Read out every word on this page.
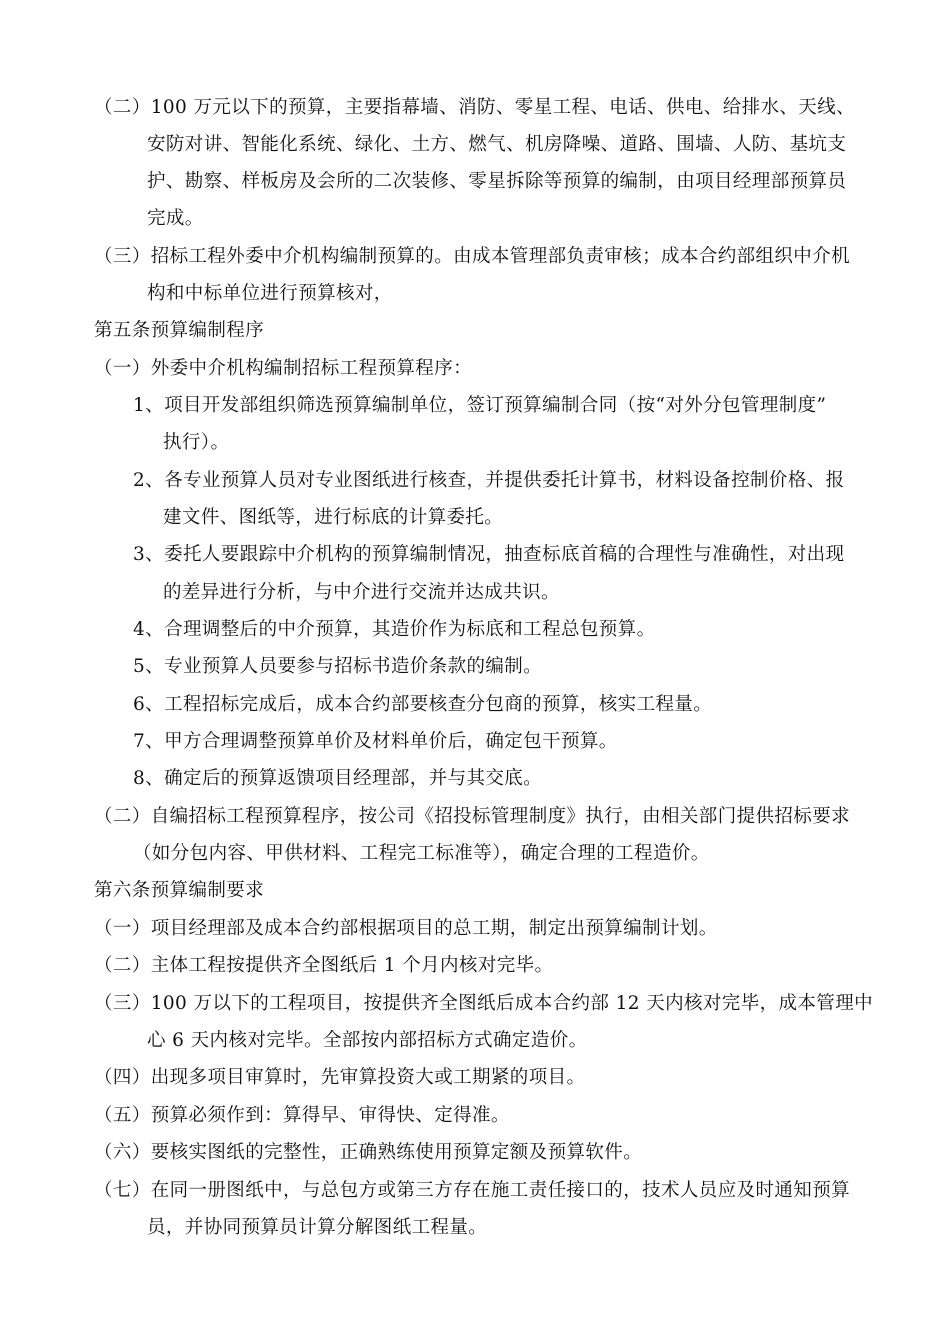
（二）100 万元以下的预算，主要指幕墙、消防、零星工程、电话、供电、给排水、天线、
安防对讲、智能化系统、绿化、土方、燃气、机房降噪、道路、围墙、人防、基坑支
护、勘察、样板房及会所的二次装修、零星拆除等预算的编制，由项目经理部预算员
完成。
（三）招标工程外委中介机构编制预算的。由成本管理部负责审核；成本合约部组织中介机
构和中标单位进行预算核对，
第五条预算编制程序
（一）外委中介机构编制招标工程预算程序：
1、项目开发部组织筛选预算编制单位，签订预算编制合同（按“对外分包管理制度”
执行）。
2、各专业预算人员对专业图纸进行核查，并提供委托计算书，材料设备控制价格、报
建文件、图纸等，进行标底的计算委托。
3、委托人要跟踪中介机构的预算编制情况，抽查标底首稿的合理性与准确性，对出现
的差异进行分析，与中介进行交流并达成共识。
4、合理调整后的中介预算，其造价作为标底和工程总包预算。
5、专业预算人员要参与招标书造价条款的编制。
6、工程招标完成后，成本合约部要核查分包商的预算，核实工程量。
7、甲方合理调整预算单价及材料单价后，确定包干预算。
8、确定后的预算返馈项目经理部，并与其交底。
（二）自编招标工程预算程序，按公司《招投标管理制度》执行，由相关部门提供招标要求
（如分包内容、甲供材料、工程完工标准等），确定合理的工程造价。
第六条预算编制要求
（一）项目经理部及成本合约部根据项目的总工期，制定出预算编制计划。
（二）主体工程按提供齐全图纸后 1 个月内核对完毕。
（三）100 万以下的工程项目，按提供齐全图纸后成本合约部 12 天内核对完毕，成本管理中
心 6 天内核对完毕。全部按内部招标方式确定造价。
（四）出现多项目审算时，先审算投资大或工期紧的项目。
（五）预算必须作到：算得早、审得快、定得准。
（六）要核实图纸的完整性，正确熟练使用预算定额及预算软件。
（七）在同一册图纸中，与总包方或第三方存在施工责任接口的，技术人员应及时通知预算
员，并协同预算员计算分解图纸工程量。
